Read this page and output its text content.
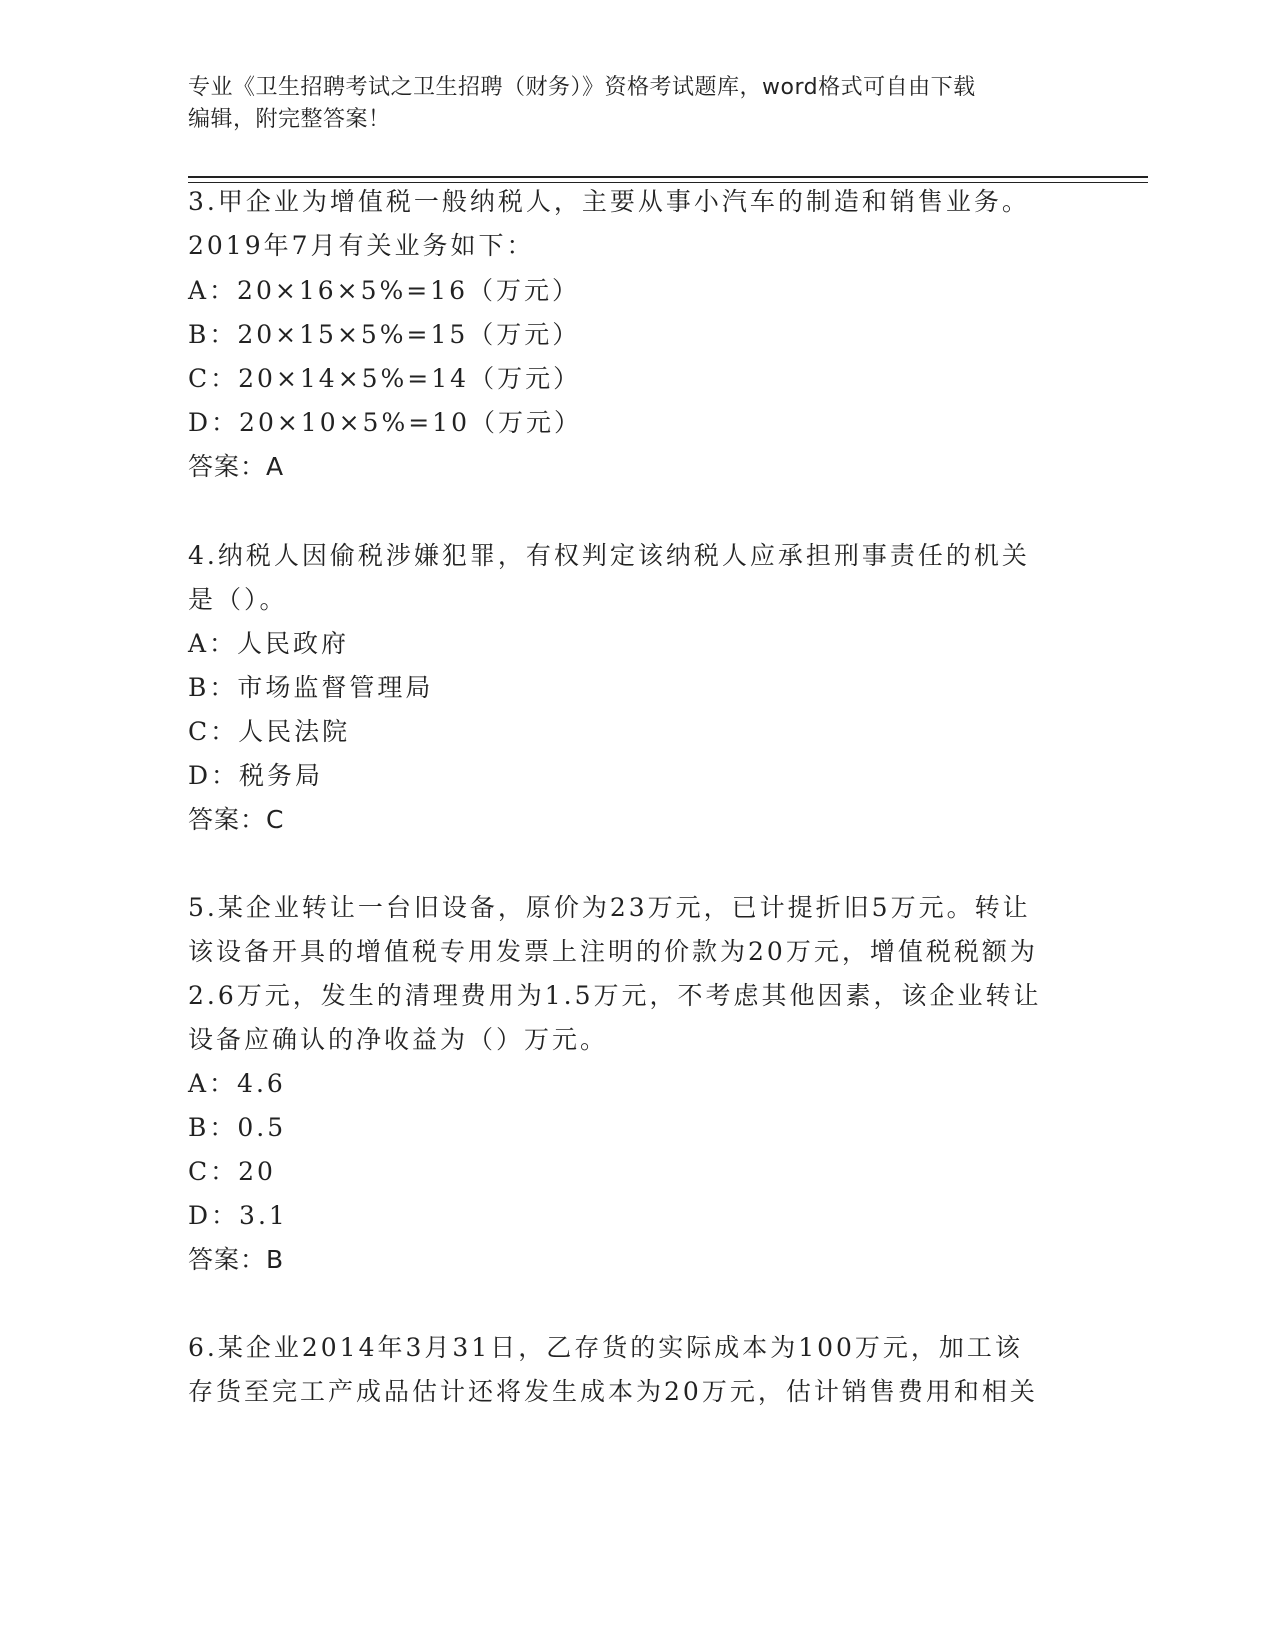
专业《卫生招聘考试之卫生招聘（财务）》资格考试题库，word格式可自由下载
编辑，附完整答案！
3.甲企业为增值税一般纳税人，主要从事小汽车的制造和销售业务。
2019年7月有关业务如下：
A：20×16×5%=16（万元）
B：20×15×5%=15（万元）
C：20×14×5%=14（万元）
D：20×10×5%=10（万元）
答案：A
4.纳税人因偷税涉嫌犯罪，有权判定该纳税人应承担刑事责任的机关
是（）。
A：人民政府
B：市场监督管理局
C：人民法院
D：税务局
答案：C
5.某企业转让一台旧设备，原价为23万元，已计提折旧5万元。转让
该设备开具的增值税专用发票上注明的价款为20万元，增值税税额为
2.6万元，发生的清理费用为1.5万元，不考虑其他因素，该企业转让
设备应确认的净收益为（）万元。
A：4.6
B：0.5
C：20
D：3.1
答案：B
6.某企业2014年3月31日，乙存货的实际成本为100万元，加工该
存货至完工产成品估计还将发生成本为20万元，估计销售费用和相关
